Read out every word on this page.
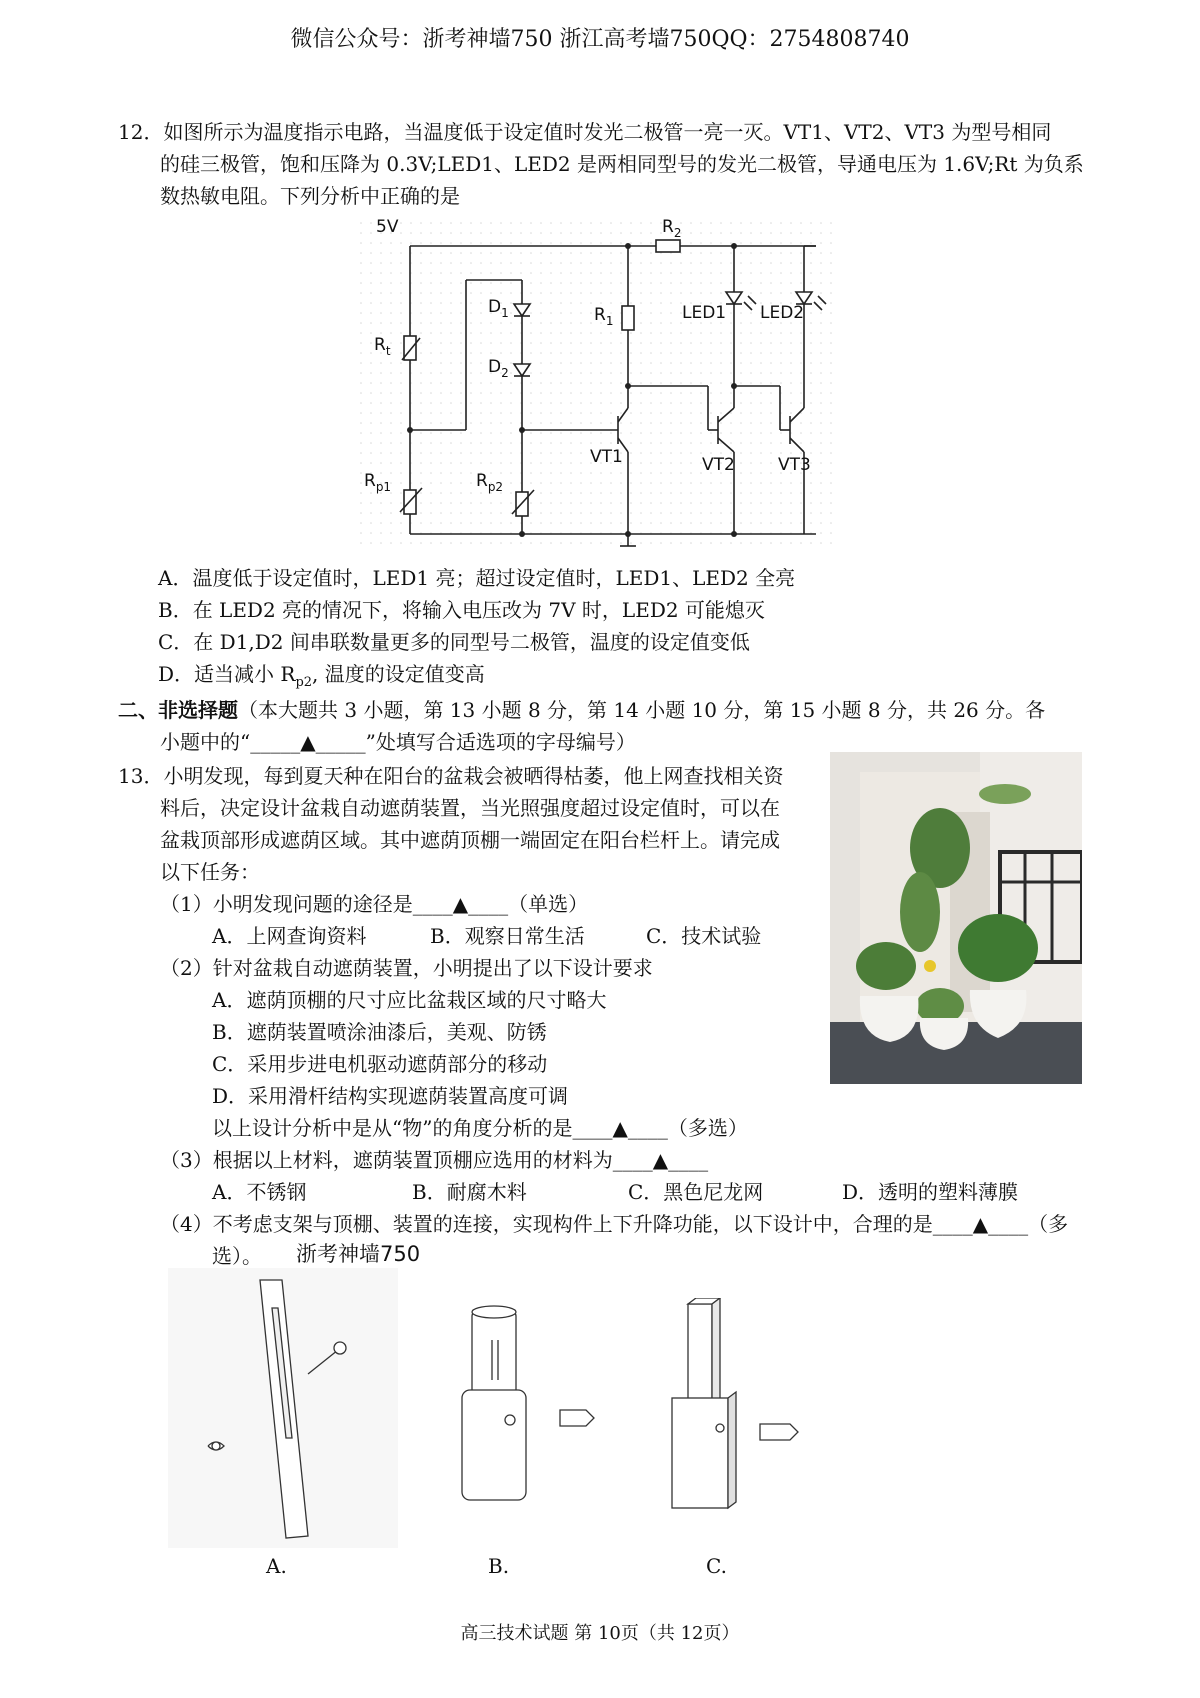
微信公众号：浙考神墙750 浙江高考墙750QQ：2754808740
12．如图所示为温度指示电路，当温度低于设定值时发光二极管一亮一灭。VT1、VT2、VT3 为型号相同
的硅三极管，饱和压降为 0.3V;LED1、LED2 是两相同型号的发光二极管，导通电压为 1.6V;Rt 为负系
数热敏电阻。下列分析中正确的是
5V	$R_2$
$R_1$
$D_1$
$D_2$
$R_t$
$R_{p1}$	$R_{p2}$
LED1 LED2
VT1	VT2	VT3
A．温度低于设定值时，LED1 亮；超过设定值时，LED1、LED2 全亮
B．在 LED2 亮的情况下，将输入电压改为 7V 时，LED2 可能熄灭
C．在 D1,D2 间串联数量更多的同型号二极管，温度的设定值变低
D．适当减小 $R_{p2}$, 温度的设定值变高
二、非选择题（本大题共 3 小题，第 13 小题 8 分，第 14 小题 10 分，第 15 小题 8 分，共 26 分。各
小题中的“_____▲_____”处填写合适选项的字母编号）
13．小明发现，每到夏天种在阳台的盆栽会被晒得枯萎，他上网查找相关资
料后，决定设计盆栽自动遮荫装置，当光照强度超过设定值时，可以在
盆栽顶部形成遮荫区域。其中遮荫顶棚一端固定在阳台栏杆上。请完成
以下任务：
（1）小明发现问题的途径是____▲____（单选）
A．上网查询资料	B．观察日常生活	C．技术试验
（2）针对盆栽自动遮荫装置，小明提出了以下设计要求
A．遮荫顶棚的尺寸应比盆栽区域的尺寸略大
B．遮荫装置喷涂油漆后，美观、防锈
C．采用步进电机驱动遮荫部分的移动
D．采用滑杆结构实现遮荫装置高度可调
以上设计分析中是从“物”的角度分析的是____▲____（多选）
（3）根据以上材料，遮荫装置顶棚应选用的材料为____▲____
A．不锈钢	B．耐腐木料	C．黑色尼龙网	D．透明的塑料薄膜
（4）不考虑支架与顶棚、装置的连接，实现构件上下升降功能，以下设计中，合理的是____▲____（多
选）。 浙考神墙750
A.	B.	C.
高三技术试题 第 10页（共 12页）
